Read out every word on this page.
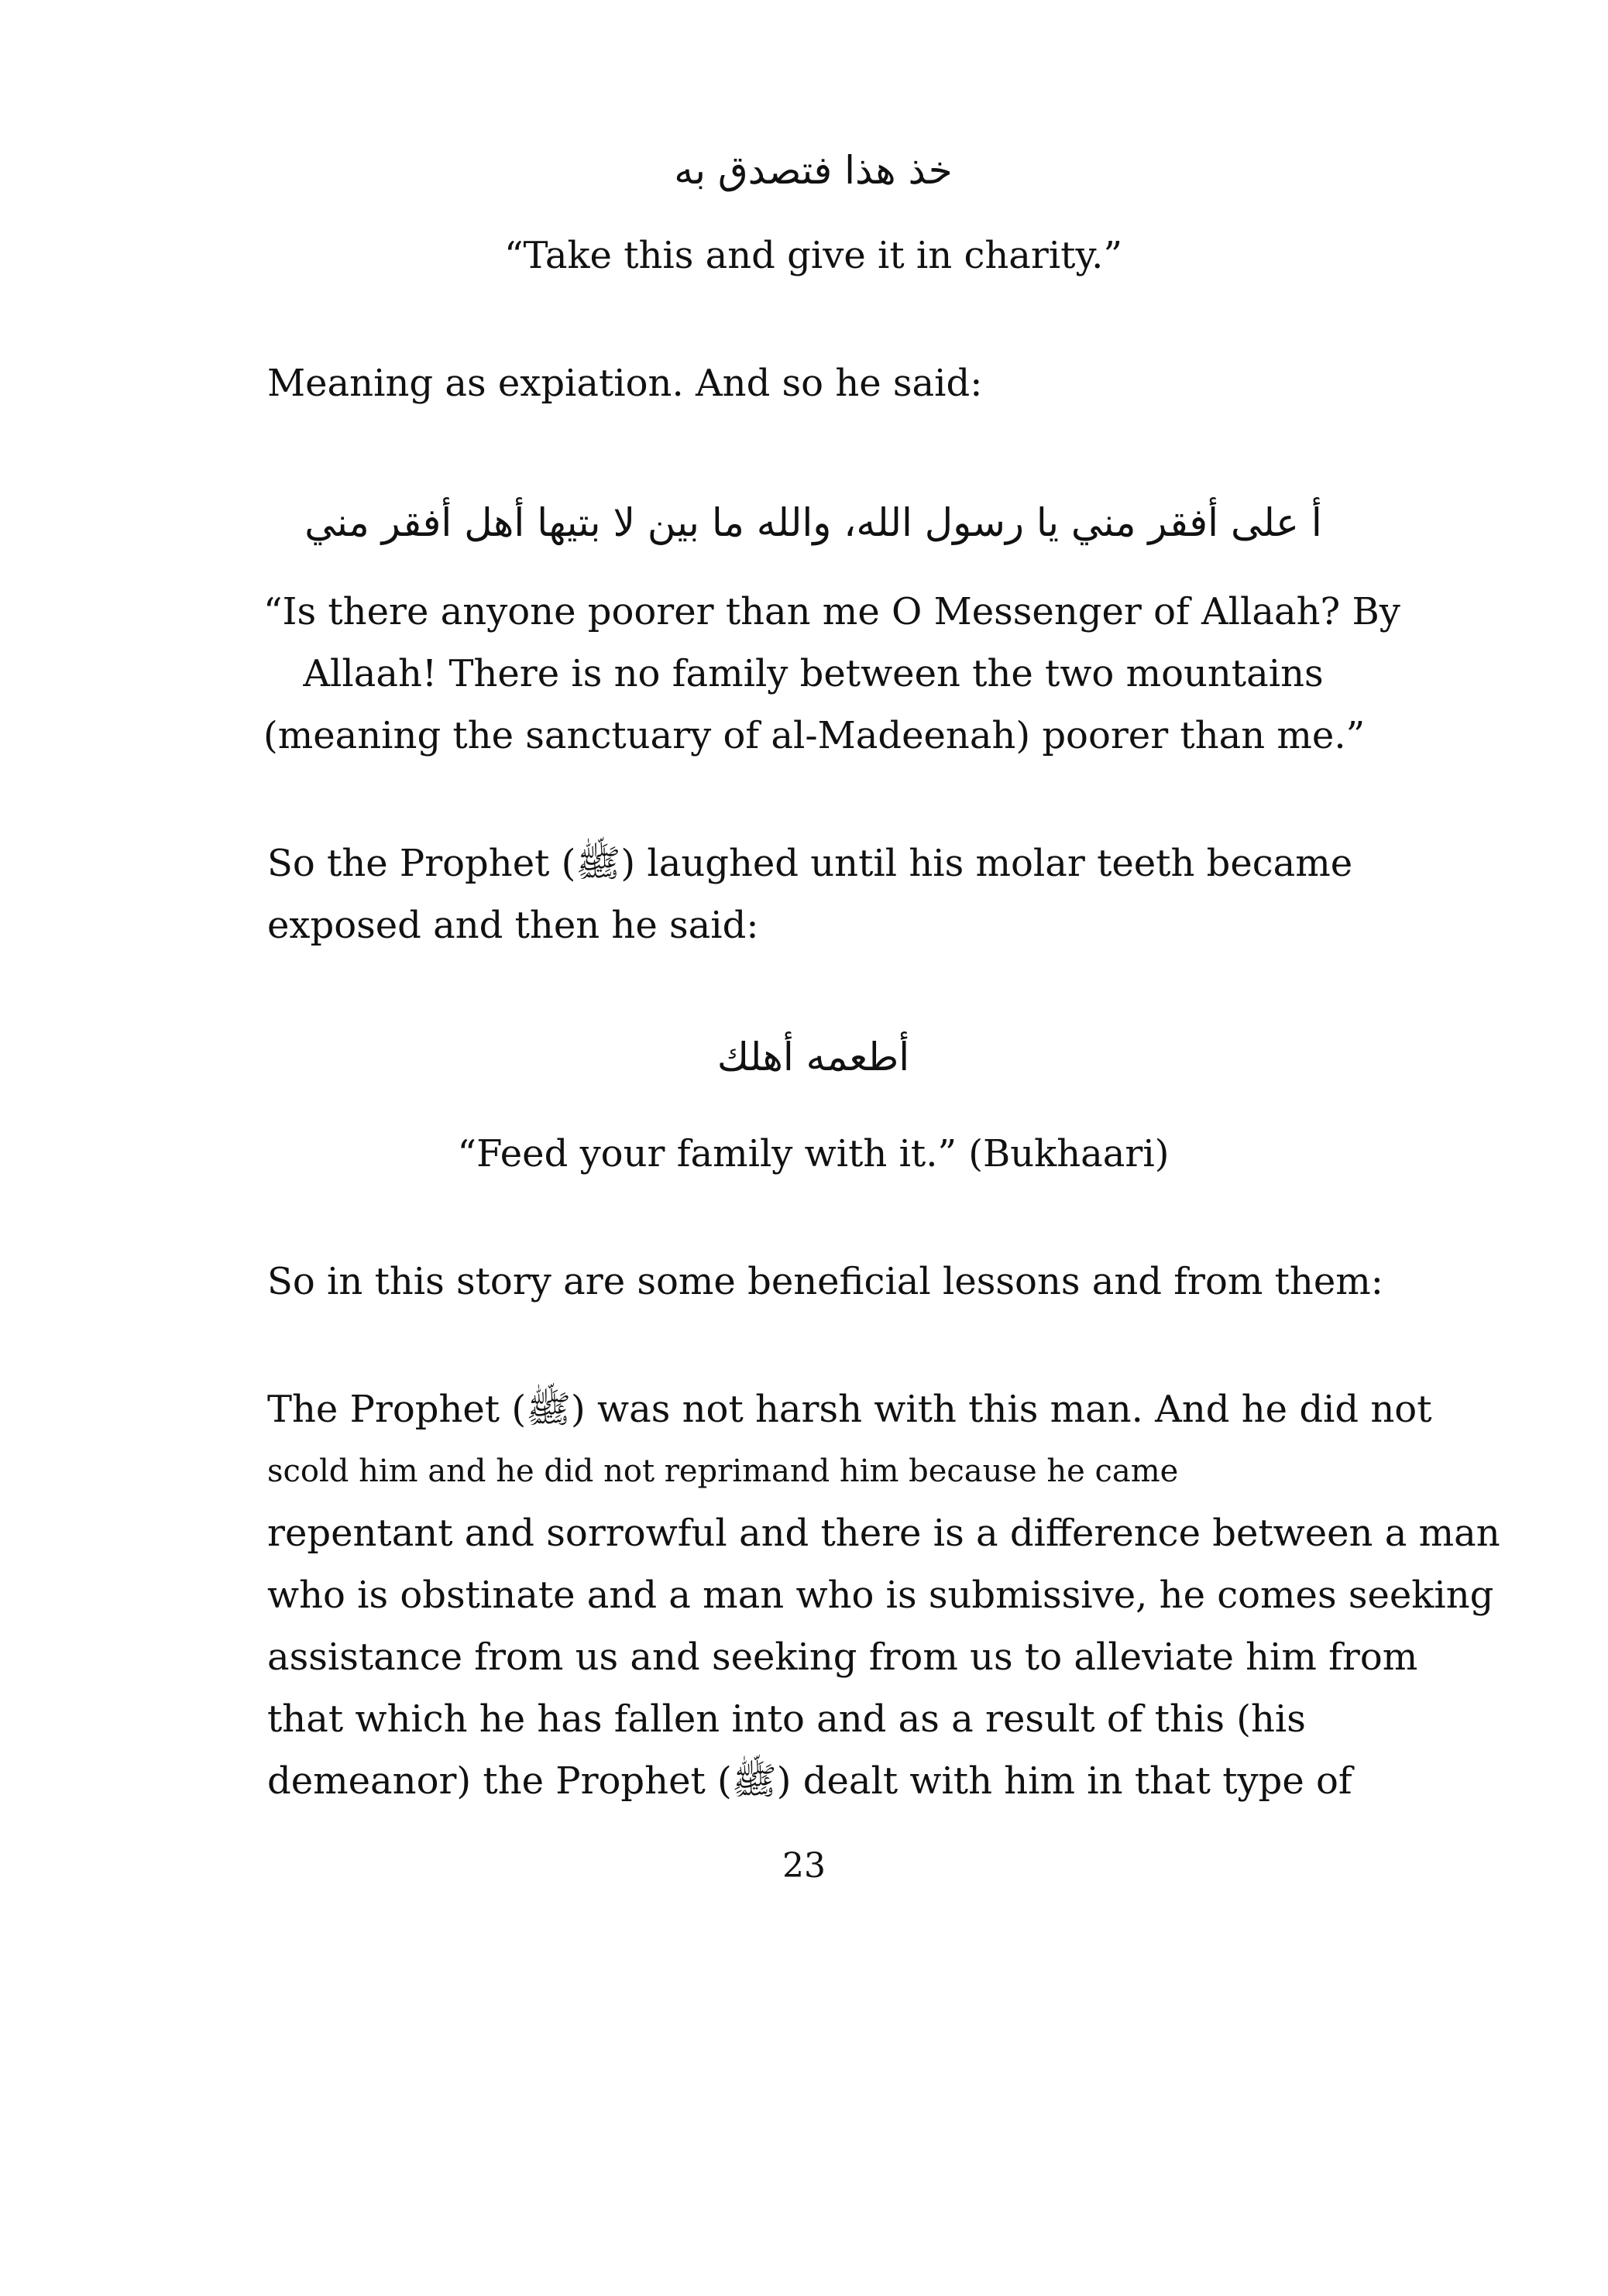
خذ هذا فتصدق به
“Take this and give it in charity.”
Meaning as expiation. And so he said:
أ على أفقر مني يا رسول الله، والله ما بين لا بتيها أهل أفقر مني
“Is there anyone poorer than me O Messenger of Allaah? By
Allaah! There is no family between the two mountains
(meaning the sanctuary of al-Madeenah) poorer than me.”
So the Prophet (ﷺ) laughed until his molar teeth became
exposed and then he said:
أطعمه أهلك
“Feed your family with it.” (Bukhaari)
So in this story are some beneficial lessons and from them:
The Prophet (ﷺ) was not harsh with this man. And he did not
scold him and he did not reprimand him because he came
repentant and sorrowful and there is a difference between a man
who is obstinate and a man who is submissive, he comes seeking
assistance from us and seeking from us to alleviate him from
that which he has fallen into and as a result of this (his
demeanor) the Prophet (ﷺ) dealt with him in that type of
23
